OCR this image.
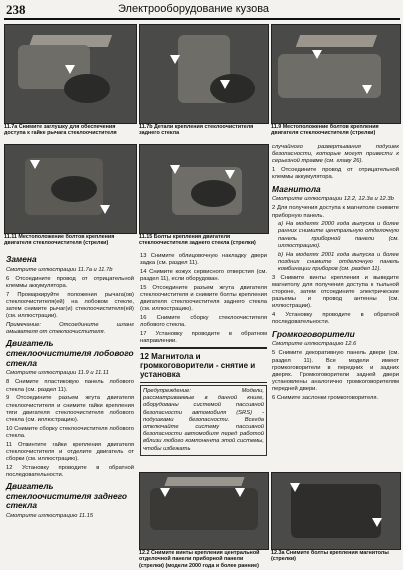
238	Электрооборудование кузова
11.7а Снимите заглушку для обеспечения доступа к гайке рычага стеклоочистителя
11.7b Детали крепления стеклоочистителя заднего стекла
11.9 Местоположение болтов крепления двигателя стеклоочистителя (стрелки)
11.11 Местоположение болтов крепления двигателя стеклоочистителя (стрелки)
11.15 Болты крепления двигателя стеклоочистителя заднего стекла (стрелки)
Замена
Смотрите иллюстрации 11.7а и 11.7b

6 Отсоедините провод от отрицательной клеммы аккумулятора.

7 Промаркируйте положения рычага(ов) стеклоочистителя(ей) на лобовом стекле, затем снимите рычаг(и) стеклоочистителя(ей) (см. иллюстрации).

Примечание: Отсоедините шланг омывателя от стеклоочистителя.

Двигатель стеклоочистителя лобового стекла
Смотрите иллюстрации 11.9 и 11.11

8 Снимите пластиковую панель лобового стекла (см. раздел 11).

9 Отсоедините разъем жгута двигателя стеклоочистителя и снимите гайки крепления тяги двигателя стеклоочистителя лобового стекла (см. иллюстрацию).

10 Снимите сборку стеклоочистителя лобового стекла.

11 Отвинтите гайки крепления двигателя стеклоочистителя и отделите двигатель от сборки (см. иллюстрацию).

12 Установку проводите в обратной последовательности.

Двигатель стеклоочистителя заднего стекла
Смотрите иллюстрацию 11.15

13 Снимите облицовочную накладку двери задка (см. раздел 11).

14 Снимите кожух сервисного отверстия (см. раздел 11), если оборудован.

15 Отсоедините разъем жгута двигателя стеклоочистителя и снимите болты крепления двигателя стеклоочистителя заднего стекла (см. иллюстрацию).

16 Снимите сборку стеклоочистителя лобового стекла.

17 Установку проводите в обратном направлении.

12 Магнитола и громкоговорители - снятие и установка

Предупреждение: Модели, рассматриваемые в данной книге, оборудованы системой пассивной безопасности автомобиля (SRS) - подушками безопасности. Всегда отключайте систему пассивной безопасности автомобиля перед работой вблизи любого компонента этой системы, чтобы избежать

12.2 Снимите винты крепления центральной отделочной панели приборной панели (стрелки) (модели 2000 года и более ранние)

случайного развертывания подушек безопасности, которые могут привести к серьезной травме (см. главу 26).

1 Отсоедините провод от отрицательной клеммы аккумулятора.

Магнитола
Смотрите иллюстрации 12.2, 12.3а и 12.3b

2 Для получения доступа к магнитоле снимите приборную панель.

a) На моделях 2000 года выпуска и более ранних снимите центральную отделочную панель приборной панели (см. иллюстрацию).

b) На моделях 2001 года выпуска и более поздних снимите отделочную панель комбинации приборов (см. раздел 11).

3 Снимите винты крепления и выведите магнитолу для получения доступа к тыльной стороне, затем отсоедините электрические разъемы и провод антенны (см. иллюстрации).

4 Установку проводите в обратной последовательности.

Громкоговорители
Смотрите иллюстрацию 12.6

5 Снимите декоративную панель двери (см. раздел 11). Все модели имеют громкоговорители в передних и задних дверях. Громкоговорители задней двери установлены аналогично громкоговорителям передней двери.

6 Снимите заслонки громкоговорителя.

12.3а Снимите болты крепления магнитолы (стрелки)
